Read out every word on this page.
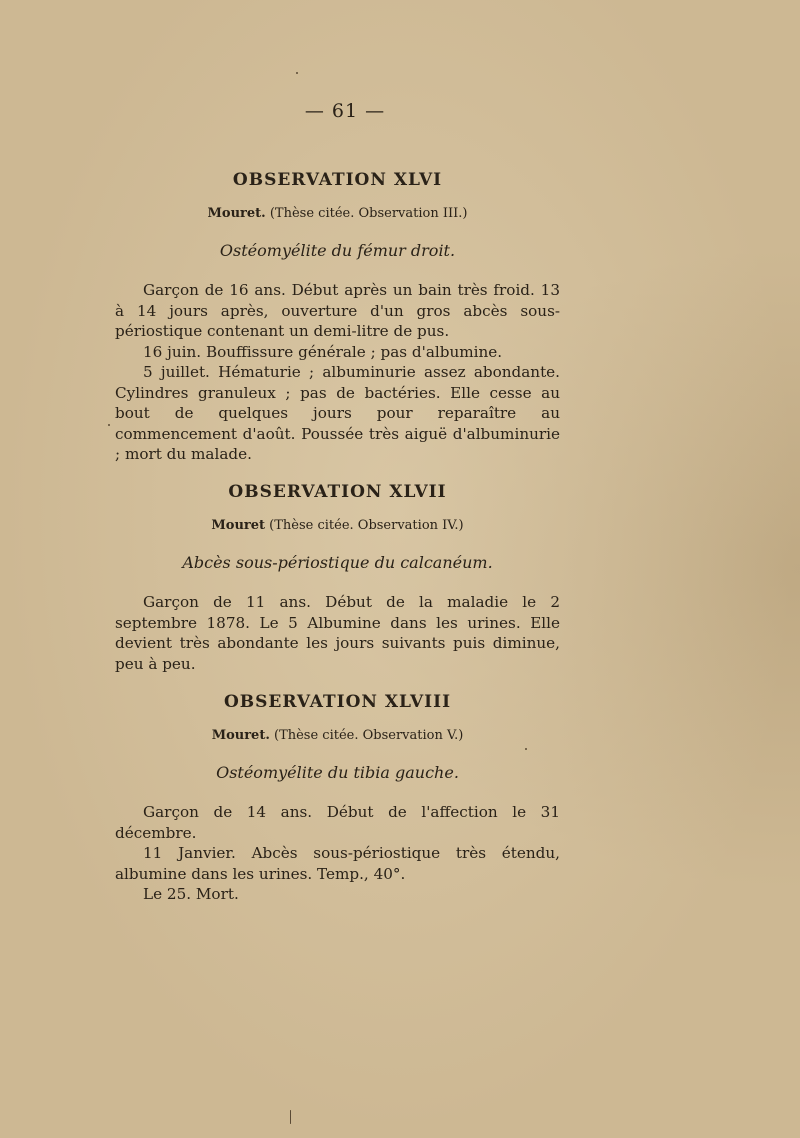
— 61 —
OBSERVATION XLVI
Mouret. (Thèse citée. Observation III.)
Ostéomyélite du fémur droit.

Garçon de 16 ans. Début après un bain très froid. 13 à 14 jours après, ouverture d'un gros abcès sous-périostique contenant un demi-litre de pus.

16 juin. Bouffissure générale ; pas d'albumine.

5 juillet. Hématurie ; albuminurie assez abondante. Cylindres granuleux ; pas de bactéries. Elle cesse au bout de quelques jours pour reparaître au commencement d'août. Poussée très aiguë d'albuminurie ; mort du malade.

OBSERVATION XLVII
Mouret (Thèse citée. Observation IV.)
Abcès sous-périostique du calcanéum.

Garçon de 11 ans. Début de la maladie le 2 septembre 1878. Le 5 Albumine dans les urines. Elle devient très abondante les jours suivants puis diminue, peu à peu.

OBSERVATION XLVIII
Mouret. (Thèse citée. Observation V.)
Ostéomyélite du tibia gauche.

Garçon de 14 ans. Début de l'affection le 31 décembre.

11 Janvier. Abcès sous-périostique très étendu, albumine dans les urines. Temp., 40°.

Le 25. Mort.
